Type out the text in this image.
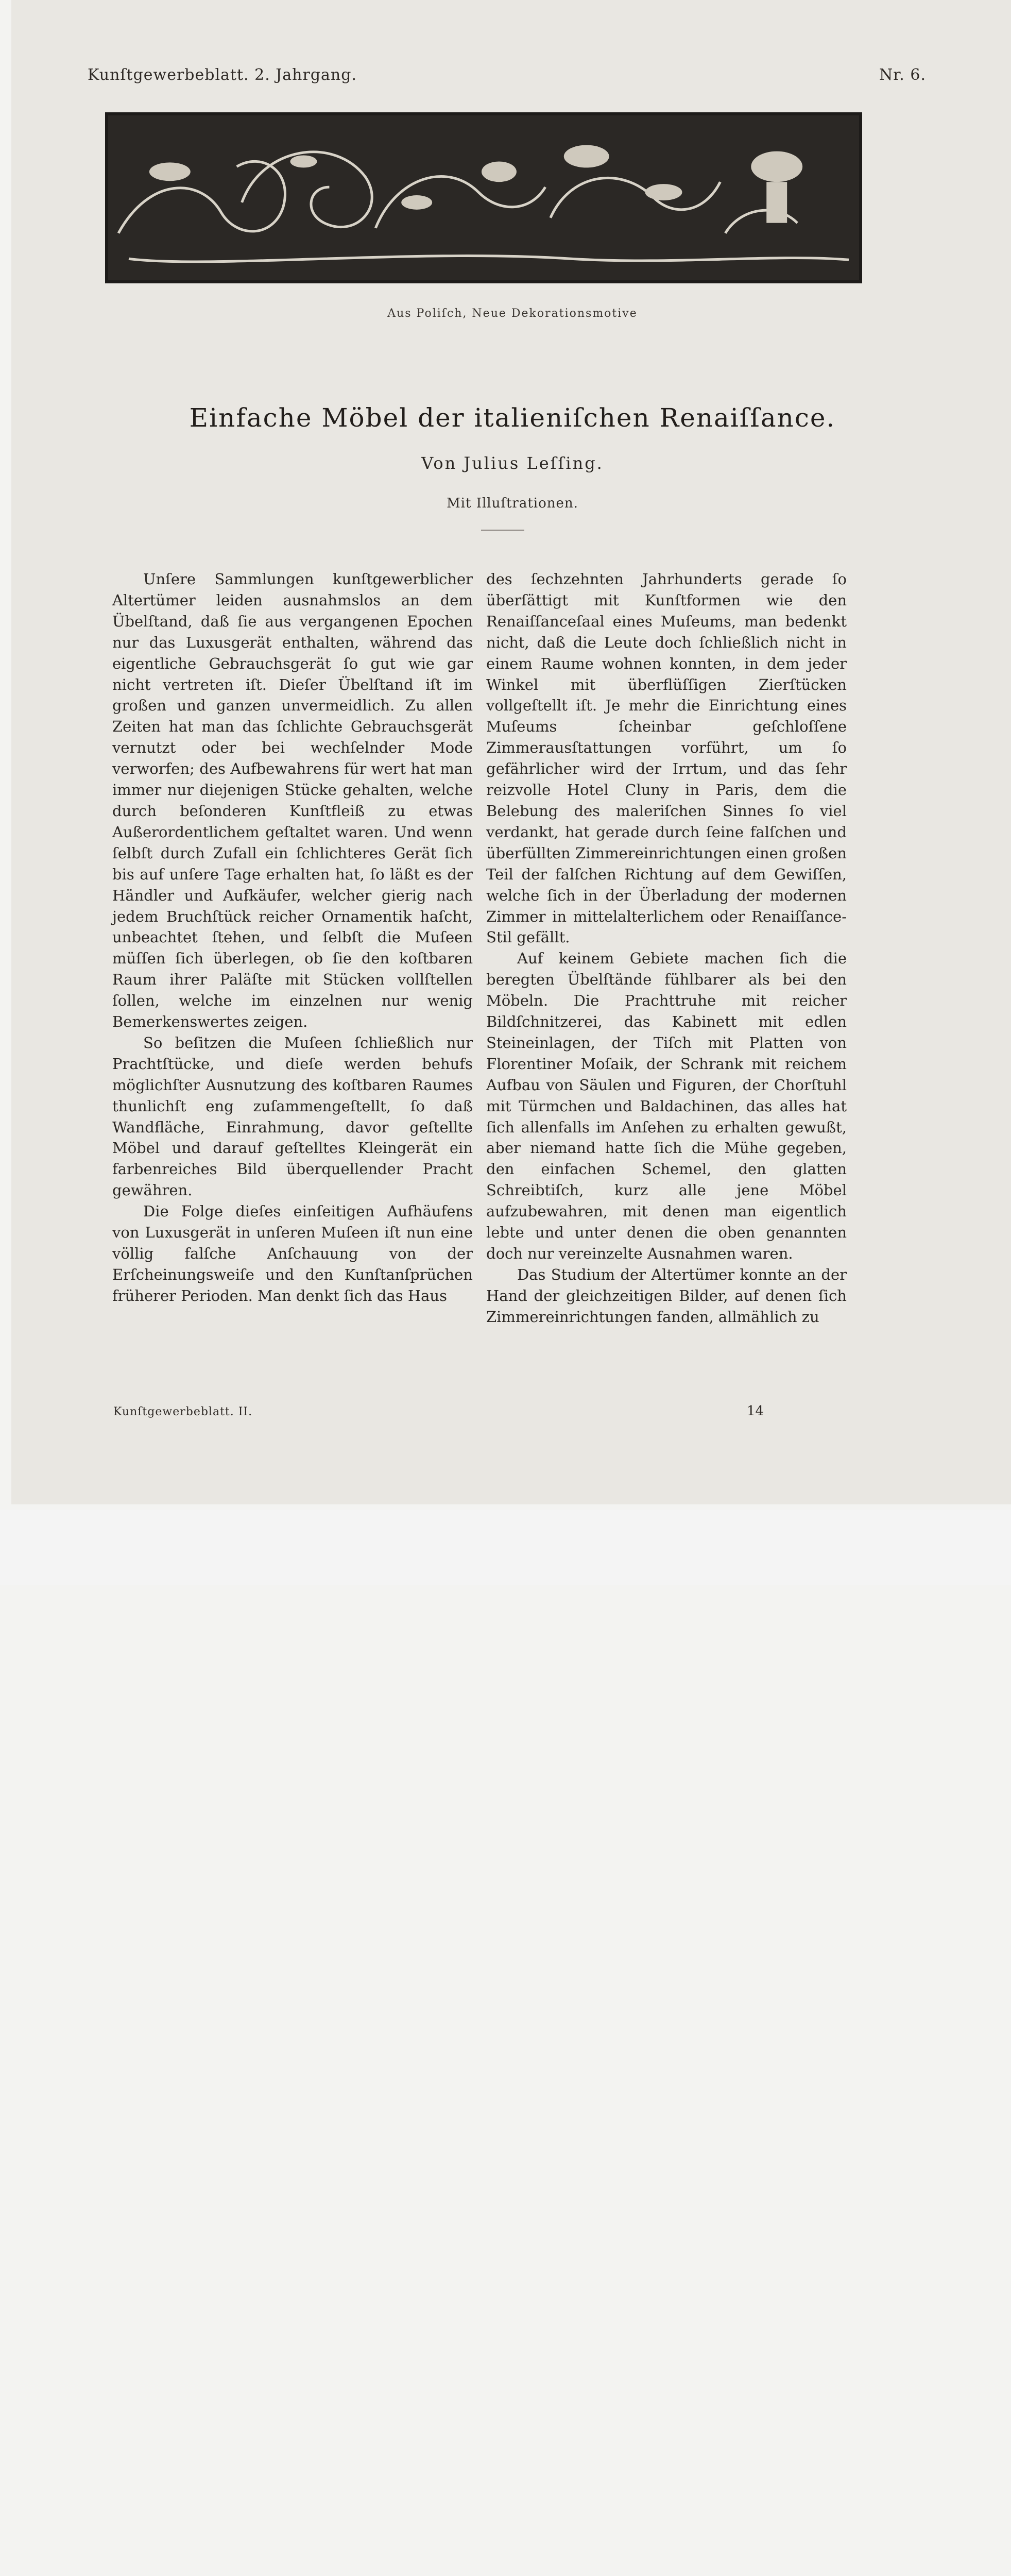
Kunſtgewerbeblatt. 2. Jahrgang.	Nr. 6.
Aus Poliſch, Neue Dekorationsmotive
Einfache Möbel der italieniſchen Renaiſſance.
Von Julius Leſſing.
Mit Illuſtrationen.

Unſere Sammlungen kunſtgewerblicher Altertümer leiden ausnahmslos an dem Übelſtand, daß ſie aus vergangenen Epochen nur das Luxusgerät enthalten, während das eigentliche Gebrauchsgerät ſo gut wie gar nicht vertreten iſt. Dieſer Übelſtand iſt im großen und ganzen unvermeidlich. Zu allen Zeiten hat man das ſchlichte Gebrauchsgerät vernutzt oder bei wechſelnder Mode verworfen; des Aufbewahrens für wert hat man immer nur diejenigen Stücke gehalten, welche durch beſonderen Kunſtfleiß zu etwas Außerordentlichem geſtaltet waren. Und wenn ſelbſt durch Zufall ein ſchlichteres Gerät ſich bis auf unſere Tage erhalten hat, ſo läßt es der Händler und Aufkäufer, welcher gierig nach jedem Bruchſtück reicher Ornamentik haſcht, unbeachtet ſtehen, und ſelbſt die Muſeen müſſen ſich überlegen, ob ſie den koſtbaren Raum ihrer Paläſte mit Stücken vollſtellen ſollen, welche im einzelnen nur wenig Bemerkenswertes zeigen.

So beſitzen die Muſeen ſchließlich nur Prachtſtücke, und dieſe werden behufs möglichſter Ausnutzung des koſtbaren Raumes thunlichſt eng zuſammengeſtellt, ſo daß Wandfläche, Einrahmung, davor geſtellte Möbel und darauf geſtelltes Kleingerät ein farbenreiches Bild überquellender Pracht gewähren.

Die Folge dieſes einſeitigen Aufhäufens von Luxusgerät in unſeren Muſeen iſt nun eine völlig falſche Anſchauung von der Erſcheinungsweiſe und den Kunſtanſprüchen früherer Perioden. Man denkt ſich das Haus

des ſechzehnten Jahrhunderts gerade ſo überſättigt mit Kunſtformen wie den Renaiſſanceſaal eines Muſeums, man bedenkt nicht, daß die Leute doch ſchließlich nicht in einem Raume wohnen konnten, in dem jeder Winkel mit überflüſſigen Zierſtücken vollgeſtellt iſt. Je mehr die Einrichtung eines Muſeums ſcheinbar geſchloſſene Zimmerausſtattungen vorführt, um ſo gefährlicher wird der Irrtum, und das ſehr reizvolle Hotel Cluny in Paris, dem die Belebung des maleriſchen Sinnes ſo viel verdankt, hat gerade durch ſeine falſchen und überfüllten Zimmereinrichtungen einen großen Teil der falſchen Richtung auf dem Gewiſſen, welche ſich in der Überladung der modernen Zimmer in mittelalterlichem oder Renaiſſance-Stil gefällt.

Auf keinem Gebiete machen ſich die beregten Übelſtände fühlbarer als bei den Möbeln. Die Prachttruhe mit reicher Bildſchnitzerei, das Kabinett mit edlen Steineinlagen, der Tiſch mit Platten von Florentiner Moſaik, der Schrank mit reichem Aufbau von Säulen und Figuren, der Chorſtuhl mit Türmchen und Baldachinen, das alles hat ſich allenfalls im Anſehen zu erhalten gewußt, aber niemand hatte ſich die Mühe gegeben, den einfachen Schemel, den glatten Schreibtiſch, kurz alle jene Möbel aufzubewahren, mit denen man eigentlich lebte und unter denen die oben genannten doch nur vereinzelte Ausnahmen waren.

Das Studium der Altertümer konnte an der Hand der gleichzeitigen Bilder, auf denen ſich Zimmereinrichtungen fanden, allmählich zu

Kunſtgewerbeblatt. II.	14
